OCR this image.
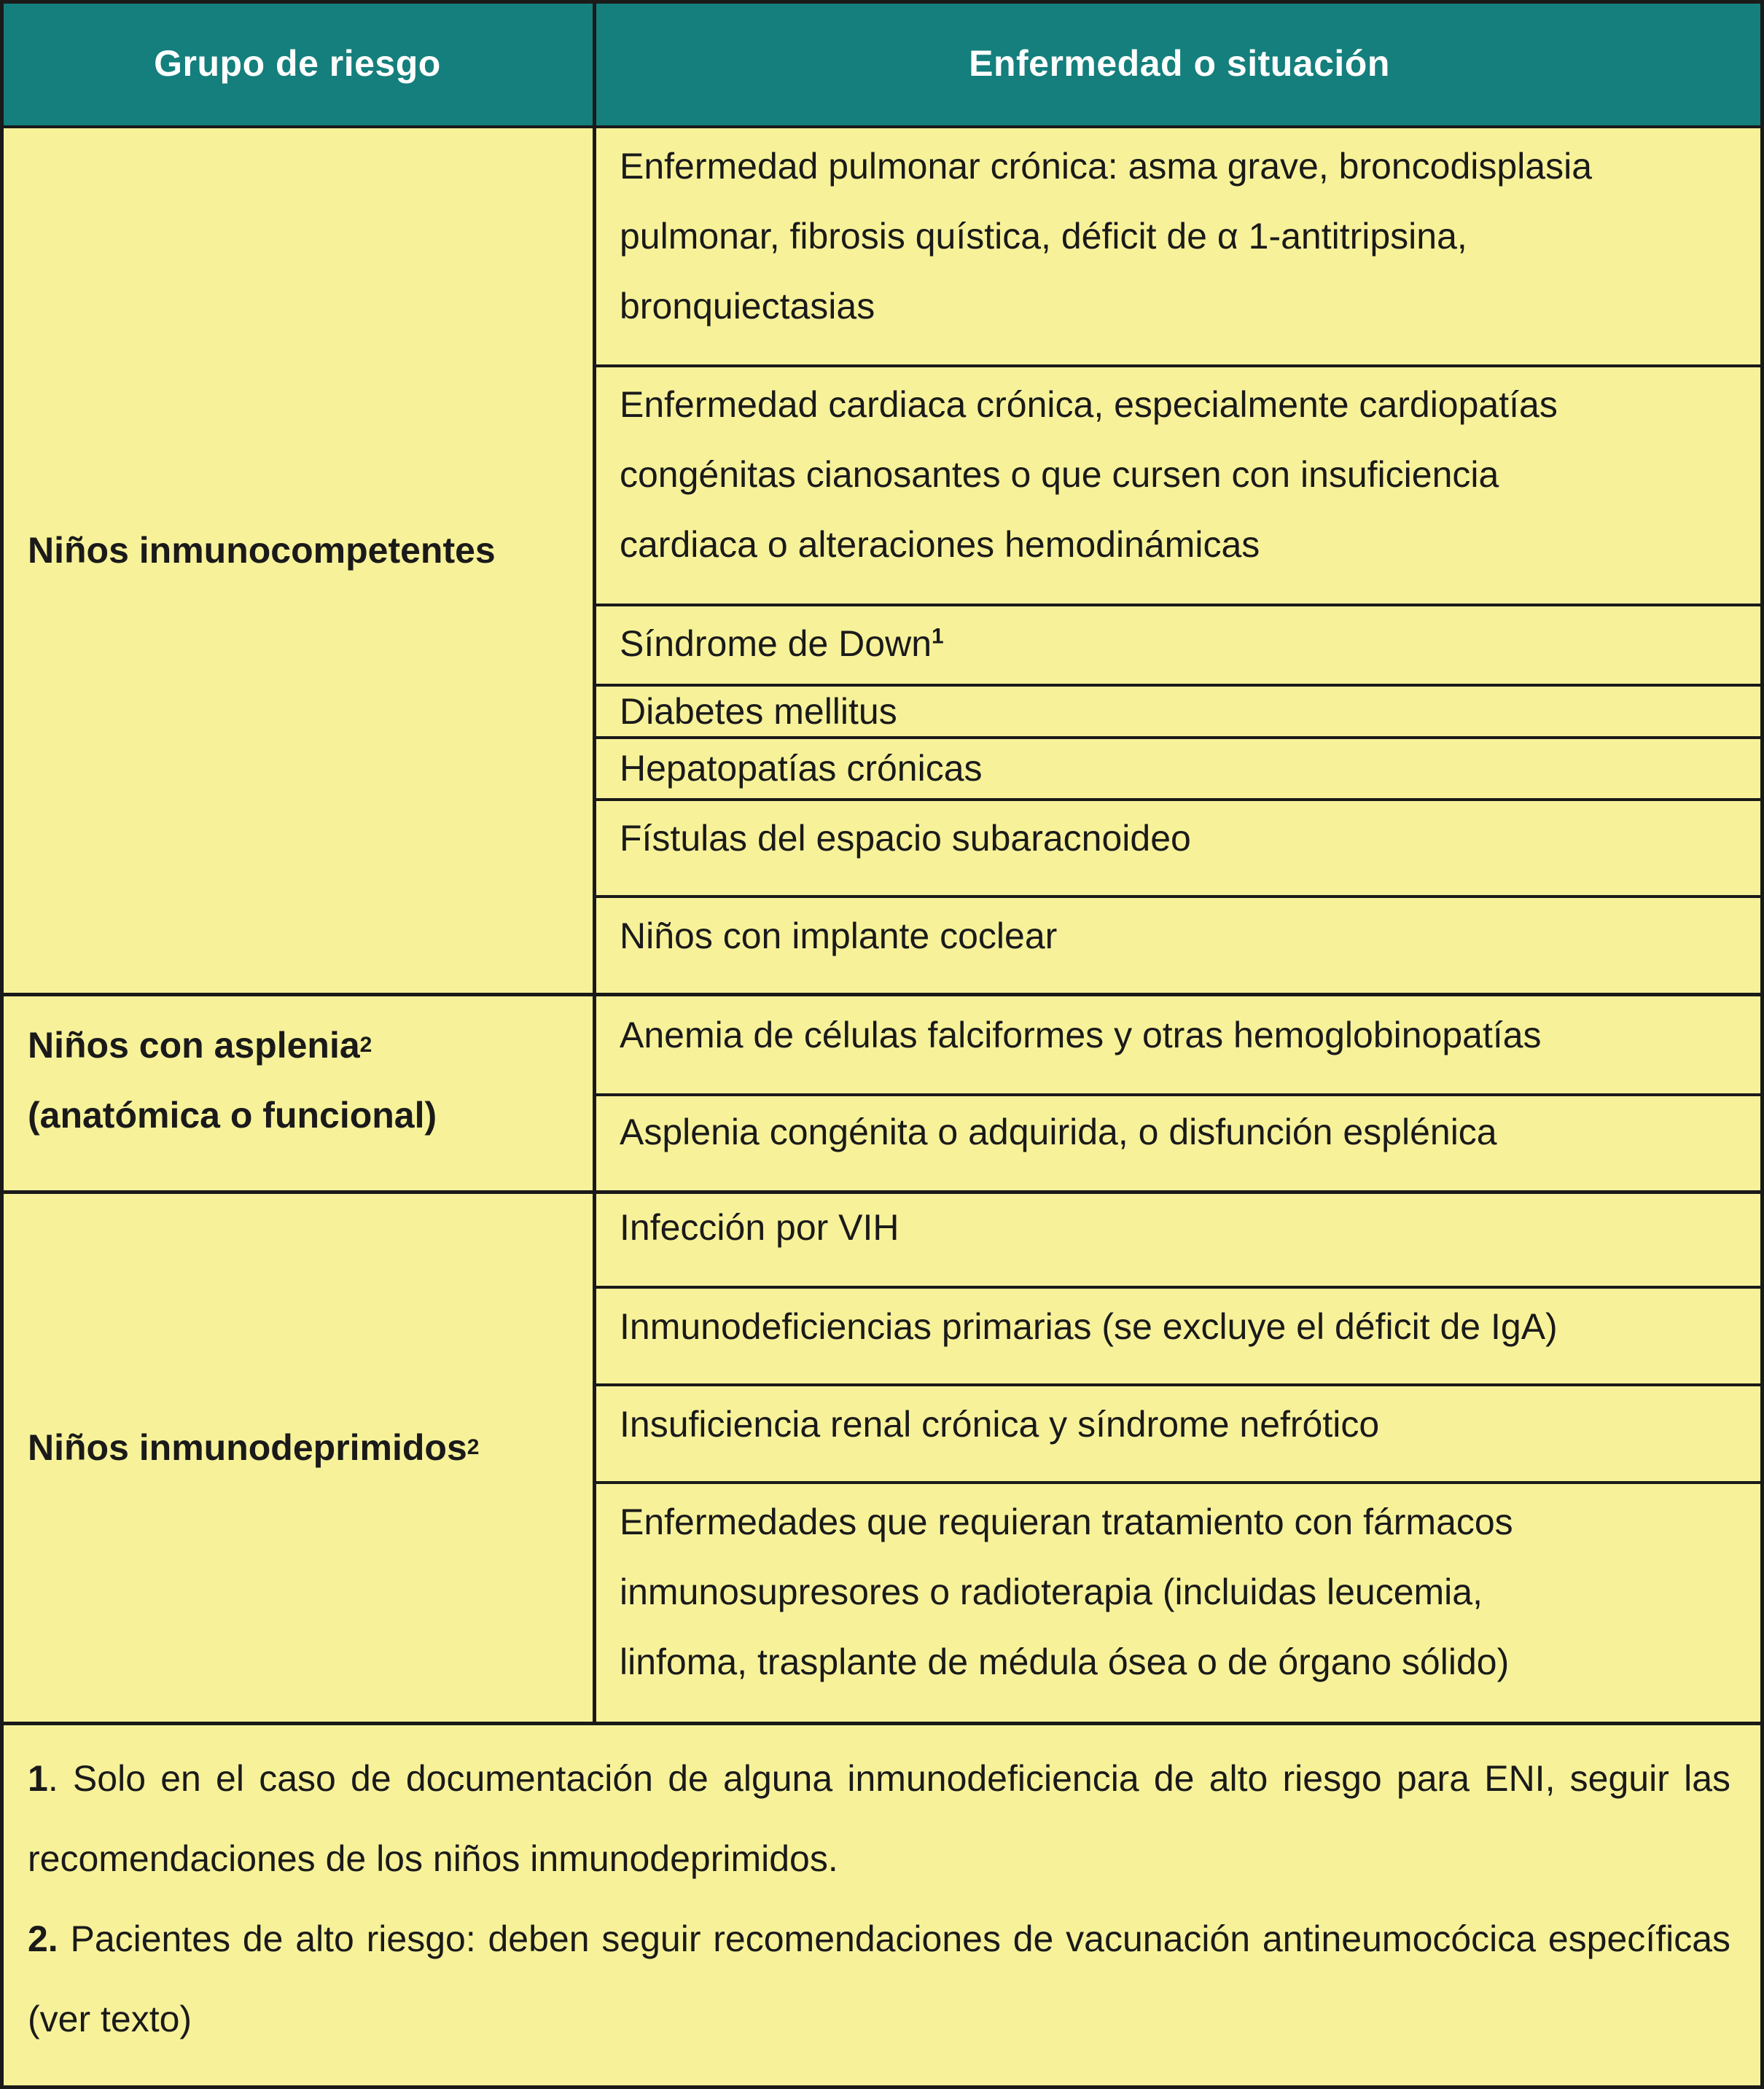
Grupo de riesgo	Enfermedad o situación
Niños inmunocompetentes
Enfermedad pulmonar crónica: asma grave, broncodisplasia
pulmonar, fibrosis quística, déficit de α 1-antitripsina,
bronquiectasias
Enfermedad cardiaca crónica, especialmente cardiopatías
congénitas cianosantes o que cursen con insuficiencia
cardiaca o alteraciones hemodinámicas
Síndrome de Down$^1$
Diabetes mellitus
Hepatopatías crónicas
Fístulas del espacio subaracnoideo
Niños con implante coclear
Niños con asplenia 2
(anatómica o funcional)
Anemia de células falciformes y otras hemoglobinopatías
Asplenia congénita o adquirida, o disfunción esplénica
Niños inmunodeprimidos 2
Infección por VIH
Inmunodeficiencias primarias (se excluye el déficit de IgA)
Insuficiencia renal crónica y síndrome nefrótico
Enfermedades que requieran tratamiento con fármacos
inmunosupresores o radioterapia (incluidas leucemia,
linfoma, trasplante de médula ósea o de órgano sólido)
1. Solo en el caso de documentación de alguna inmunodeficiencia de alto riesgo para ENI, seguir las recomendaciones de los niños inmunodeprimidos.
2. Pacientes de alto riesgo: deben seguir recomendaciones de vacunación antineumocócica específicas (ver texto)
